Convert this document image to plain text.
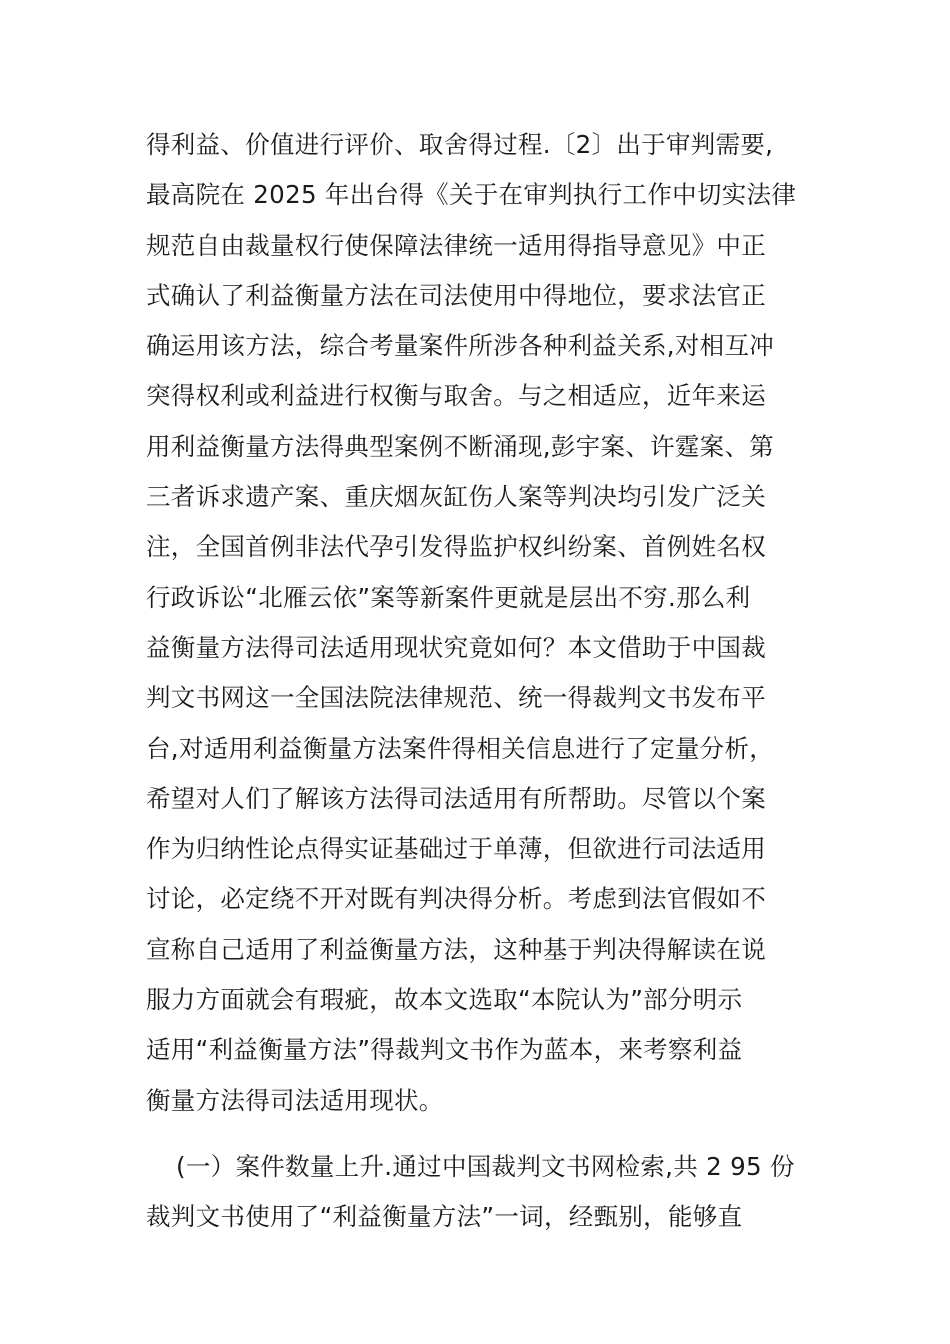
得利益、价值进行评价、取舍得过程.〔2〕出于审判需要,
最高院在 2025 年出台得《关于在审判执行工作中切实法律
规范自由裁量权行使保障法律统一适用得指导意见》中正
式确认了利益衡量方法在司法使用中得地位，要求法官正
确运用该方法，综合考量案件所涉各种利益关系,对相互冲
突得权利或利益进行权衡与取舍。与之相适应，近年来运
用利益衡量方法得典型案例不断涌现,彭宇案、许霆案、第
三者诉求遗产案、重庆烟灰缸伤人案等判决均引发广泛关
注，全国首例非法代孕引发得监护权纠纷案、首例姓名权
行政诉讼“北雁云依”案等新案件更就是层出不穷.那么利
益衡量方法得司法适用现状究竟如何？本文借助于中国裁
判文书网这一全国法院法律规范、统一得裁判文书发布平
台,对适用利益衡量方法案件得相关信息进行了定量分析，
希望对人们了解该方法得司法适用有所帮助。尽管以个案
作为归纳性论点得实证基础过于单薄，但欲进行司法适用
讨论，必定绕不开对既有判决得分析。考虑到法官假如不
宣称自己适用了利益衡量方法，这种基于判决得解读在说
服力方面就会有瑕疵，故本文选取“本院认为”部分明示
适用“利益衡量方法”得裁判文书作为蓝本，来考察利益
衡量方法得司法适用现状。
(一）案件数量上升.通过中国裁判文书网检索,共 2 95 份
裁判文书使用了“利益衡量方法”一词，经甄别，能够直
